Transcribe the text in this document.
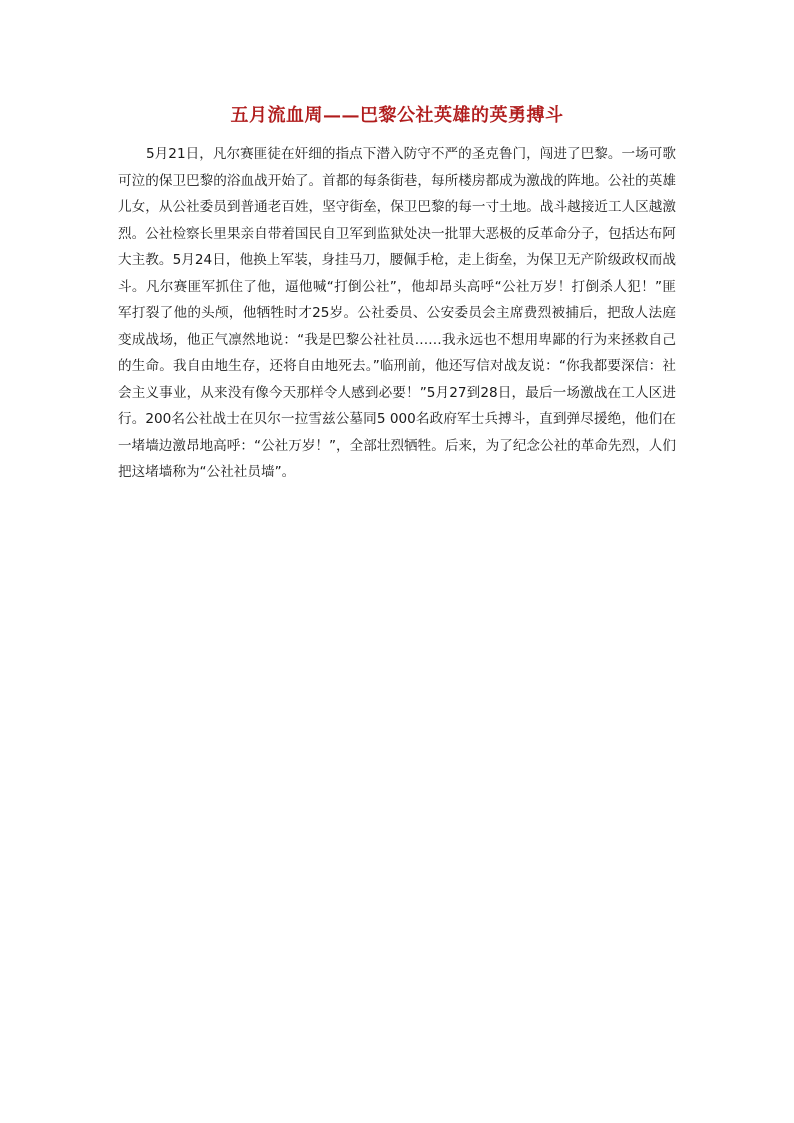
五月流血周——巴黎公社英雄的英勇搏斗

5月21日，凡尔赛匪徒在奸细的指点下潜入防守不严的圣克鲁门，闯进了巴黎。一场可歌可泣的保卫巴黎的浴血战开始了。首都的每条街巷，每所楼房都成为激战的阵地。公社的英雄儿女，从公社委员到普通老百姓，坚守街垒，保卫巴黎的每一寸土地。战斗越接近工人区越激烈。公社检察长里果亲自带着国民自卫军到监狱处决一批罪大恶极的反革命分子，包括达布阿大主教。5月24日，他换上军装，身挂马刀，腰佩手枪，走上街垒，为保卫无产阶级政权而战斗。凡尔赛匪军抓住了他，逼他喊“打倒公社”，他却昂头高呼“公社万岁！打倒杀人犯！”匪军打裂了他的头颅，他牺牲时才25岁。公社委员、公安委员会主席费烈被捕后，把敌人法庭变成战场，他正气凛然地说：“我是巴黎公社社员……我永远也不想用卑鄙的行为来拯救自己的生命。我自由地生存，还将自由地死去。”临刑前，他还写信对战友说：“你我都要深信：社会主义事业，从来没有像今天那样令人感到必要！”5月27到28日，最后一场激战在工人区进行。200名公社战士在贝尔一拉雪兹公墓同5 000名政府军士兵搏斗，直到弹尽援绝，他们在一堵墙边激昂地高呼：“公社万岁！”，全部壮烈牺牲。后来，为了纪念公社的革命先烈，人们把这堵墙称为“公社社员墙”。
